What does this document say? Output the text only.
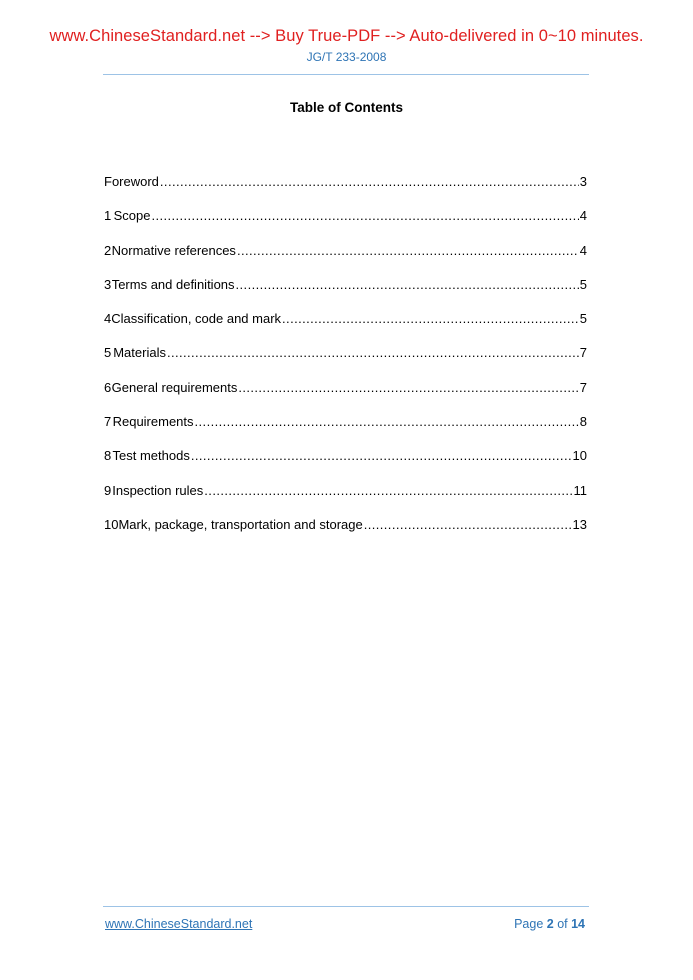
www.ChineseStandard.net --> Buy True-PDF --> Auto-delivered in 0~10 minutes.
JG/T 233-2008
Table of Contents
Foreword .....	3
1 Scope .....	4
2 Normative references .....	4
3 Terms and definitions .....	5
4 Classification, code and mark .....	5
5 Materials .....	7
6 General requirements .....	7
7 Requirements .....	8
8 Test methods .....	10
9 Inspection rules .....	11
10 Mark, package, transportation and storage .....	13
www.ChineseStandard.net	Page 2 of 14
